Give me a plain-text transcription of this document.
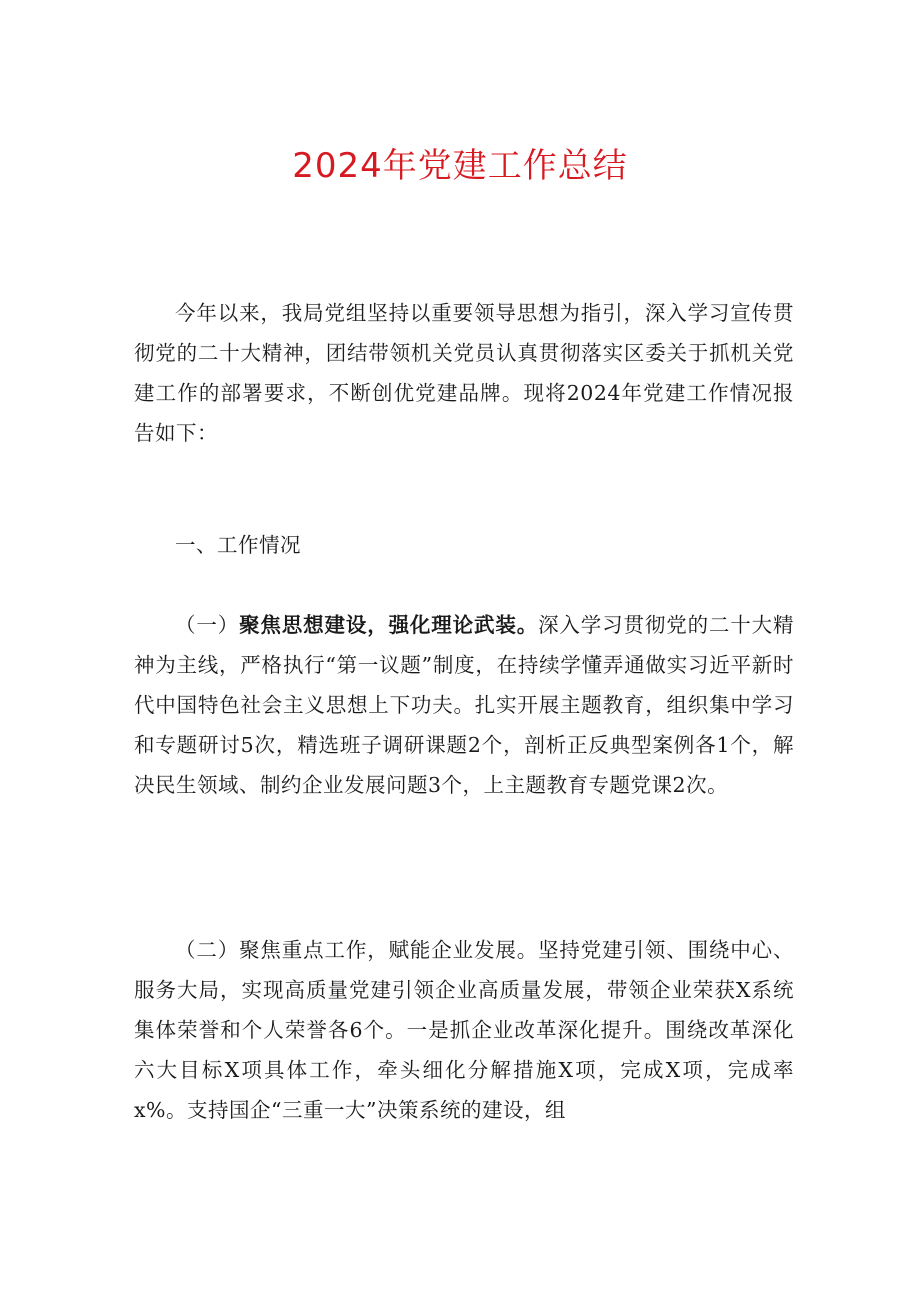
2024年党建工作总结
今年以来，我局党组坚持以重要领导思想为指引，深入学习宣传贯彻党的二十大精神，团结带领机关党员认真贯彻落实区委关于抓机关党建工作的部署要求，不断创优党建品牌。现将2024年党建工作情况报告如下：
一、工作情况
（一）聚焦思想建设，强化理论武装。深入学习贯彻党的二十大精神为主线，严格执行“第一议题”制度，在持续学懂弄通做实习近平新时代中国特色社会主义思想上下功夫。扎实开展主题教育，组织集中学习和专题研讨5次，精选班子调研课题2个，剖析正反典型案例各1个，解决民生领域、制约企业发展问题3个，上主题教育专题党课2次。
（二）聚焦重点工作，赋能企业发展。坚持党建引领、围绕中心、服务大局，实现高质量党建引领企业高质量发展，带领企业荣获X系统集体荣誉和个人荣誉各6个。一是抓企业改革深化提升。围绕改革深化六大目标X项具体工作，牵头细化分解措施X项，完成X项，完成率x%。支持国企“三重一大”决策系统的建设，组
